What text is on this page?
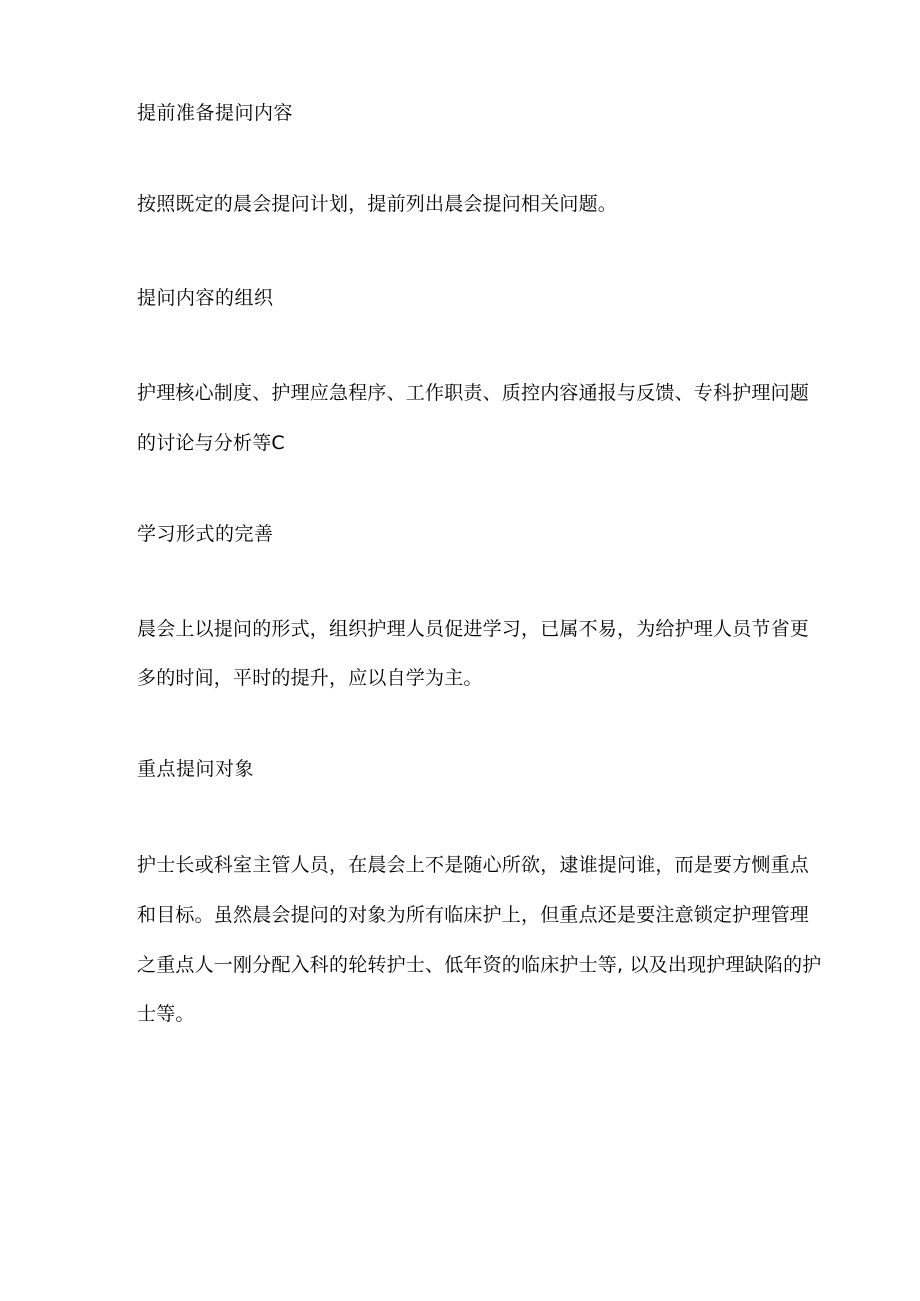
提前准备提问内容

按照既定的晨会提问计划，提前列出晨会提问相关问题。

提问内容的组织

护理核心制度、护理应急程序、工作职责、质控内容通报与反馈、专科护理问题

的讨论与分析等C

学习形式的完善

晨会上以提问的形式，组织护理人员促进学习，已属不易，为给护理人员节省更

多的时间，平时的提升，应以自学为主。

重点提问对象

护士长或科室主管人员，在晨会上不是随心所欲，逮谁提问谁，而是要方恻重点

和目标。虽然晨会提问的对象为所有临床护上，但重点还是要注意锁定护理管理

之重点人一刚分配入科的轮转护士、低年资的临床护士等, 以及出现护理缺陷的护

士等。
